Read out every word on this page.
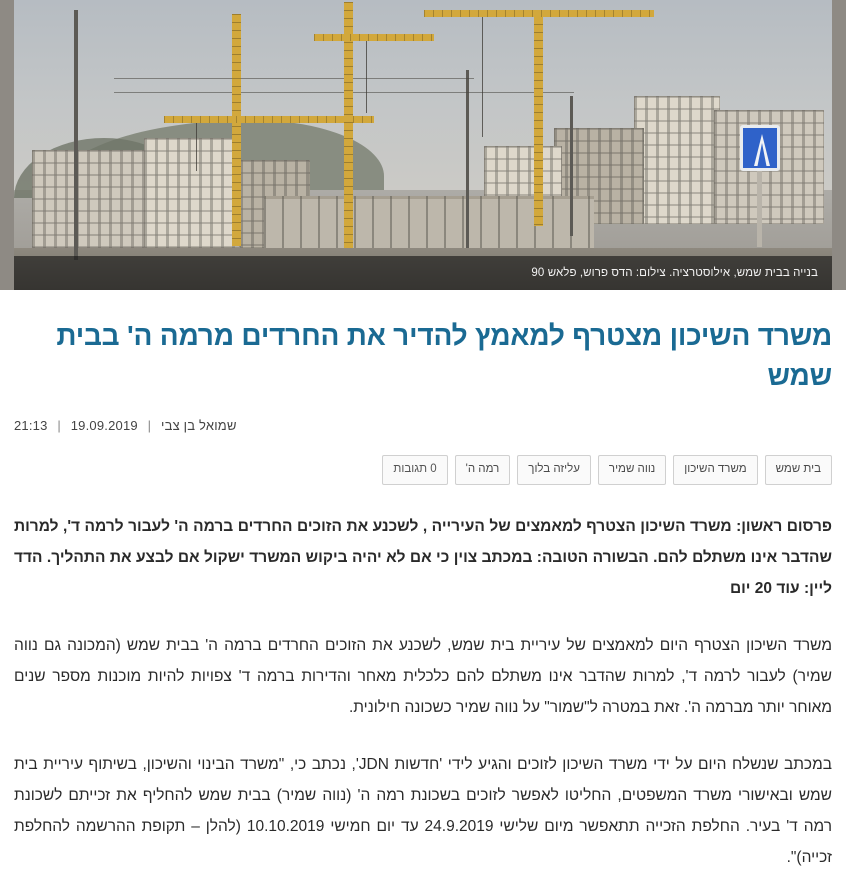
בנייה בבית שמש, אילוסטרציה. צילום: הדס פרוש, פלאש 90
משרד השיכון מצטרף למאמץ להדיר את החרדים מרמה ה' בבית שמש
21:13 | 19.09.2019 | שמואל בן צבי
בית שמש
משרד השיכון
נווה שמיר
עליזה בלוך
רמה ה'
0 תגובות

פרסום ראשון: משרד השיכון הצטרף למאמצים של העירייה , לשכנע את הזוכים החרדים ברמה ה' לעבור לרמה ד', למרות שהדבר אינו משתלם להם. הבשורה הטובה: במכתב צוין כי אם לא יהיה ביקוש המשרד ישקול אם לבצע את התהליך. הדד ליין: עוד 20 יום

משרד השיכון הצטרף היום למאמצים של עיריית בית שמש, לשכנע את הזוכים החרדים ברמה ה' בבית שמש (המכונה גם נווה שמיר) לעבור לרמה ד', למרות שהדבר אינו משתלם להם כלכלית מאחר והדירות ברמה ד' צפויות להיות מוכנות מספר שנים מאוחר יותר מברמה ה'. זאת במטרה ל"שמור" על נווה שמיר כשכונה חילונית.

במכתב שנשלח היום על ידי משרד השיכון לזוכים והגיע לידי 'חדשות JDN', נכתב כי, "משרד הבינוי והשיכון, בשיתוף עיריית בית שמש ובאישורי משרד המשפטים, החליטו לאפשר לזוכים בשכונת רמה ה' (נווה שמיר) בבית שמש להחליף את זכייתם לשכונת רמה ד' בעיר. החלפת הזכייה תתאפשר מיום שלישי 24.9.2019 עד יום חמישי 10.10.2019 (להלן – תקופת ההרשמה להחלפת זכייה)".
